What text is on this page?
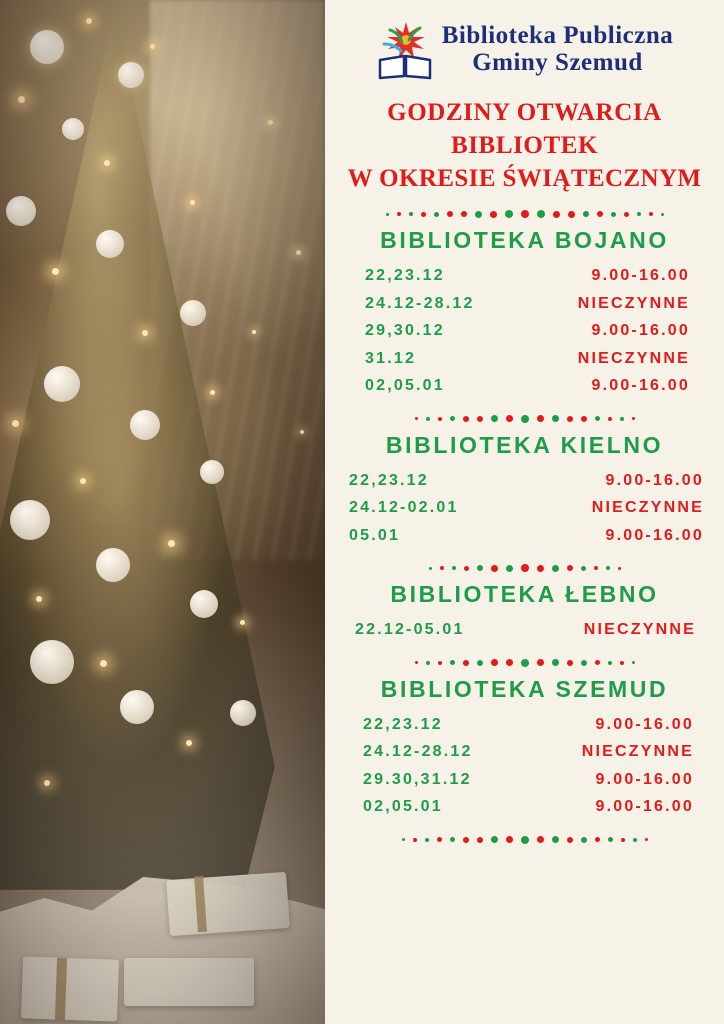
Biblioteka Publiczna
Gminy Szemud
GODZINY OTWARCIA
BIBLIOTEK
W OKRESIE ŚWIĄTECZNYM
BIBLIOTEKA BOJANO
22,23.12	9.00-16.00
24.12-28.12	NIECZYNNE
29,30.12	9.00-16.00
31.12	NIECZYNNE
02,05.01	9.00-16.00
BIBLIOTEKA KIELNO
22,23.12	9.00-16.00
24.12-02.01	NIECZYNNE
05.01	9.00-16.00
BIBLIOTEKA ŁEBNO
22.12-05.01	NIECZYNNE
BIBLIOTEKA SZEMUD
22,23.12	9.00-16.00
24.12-28.12	NIECZYNNE
29.30,31.12	9.00-16.00
02,05.01	9.00-16.00
